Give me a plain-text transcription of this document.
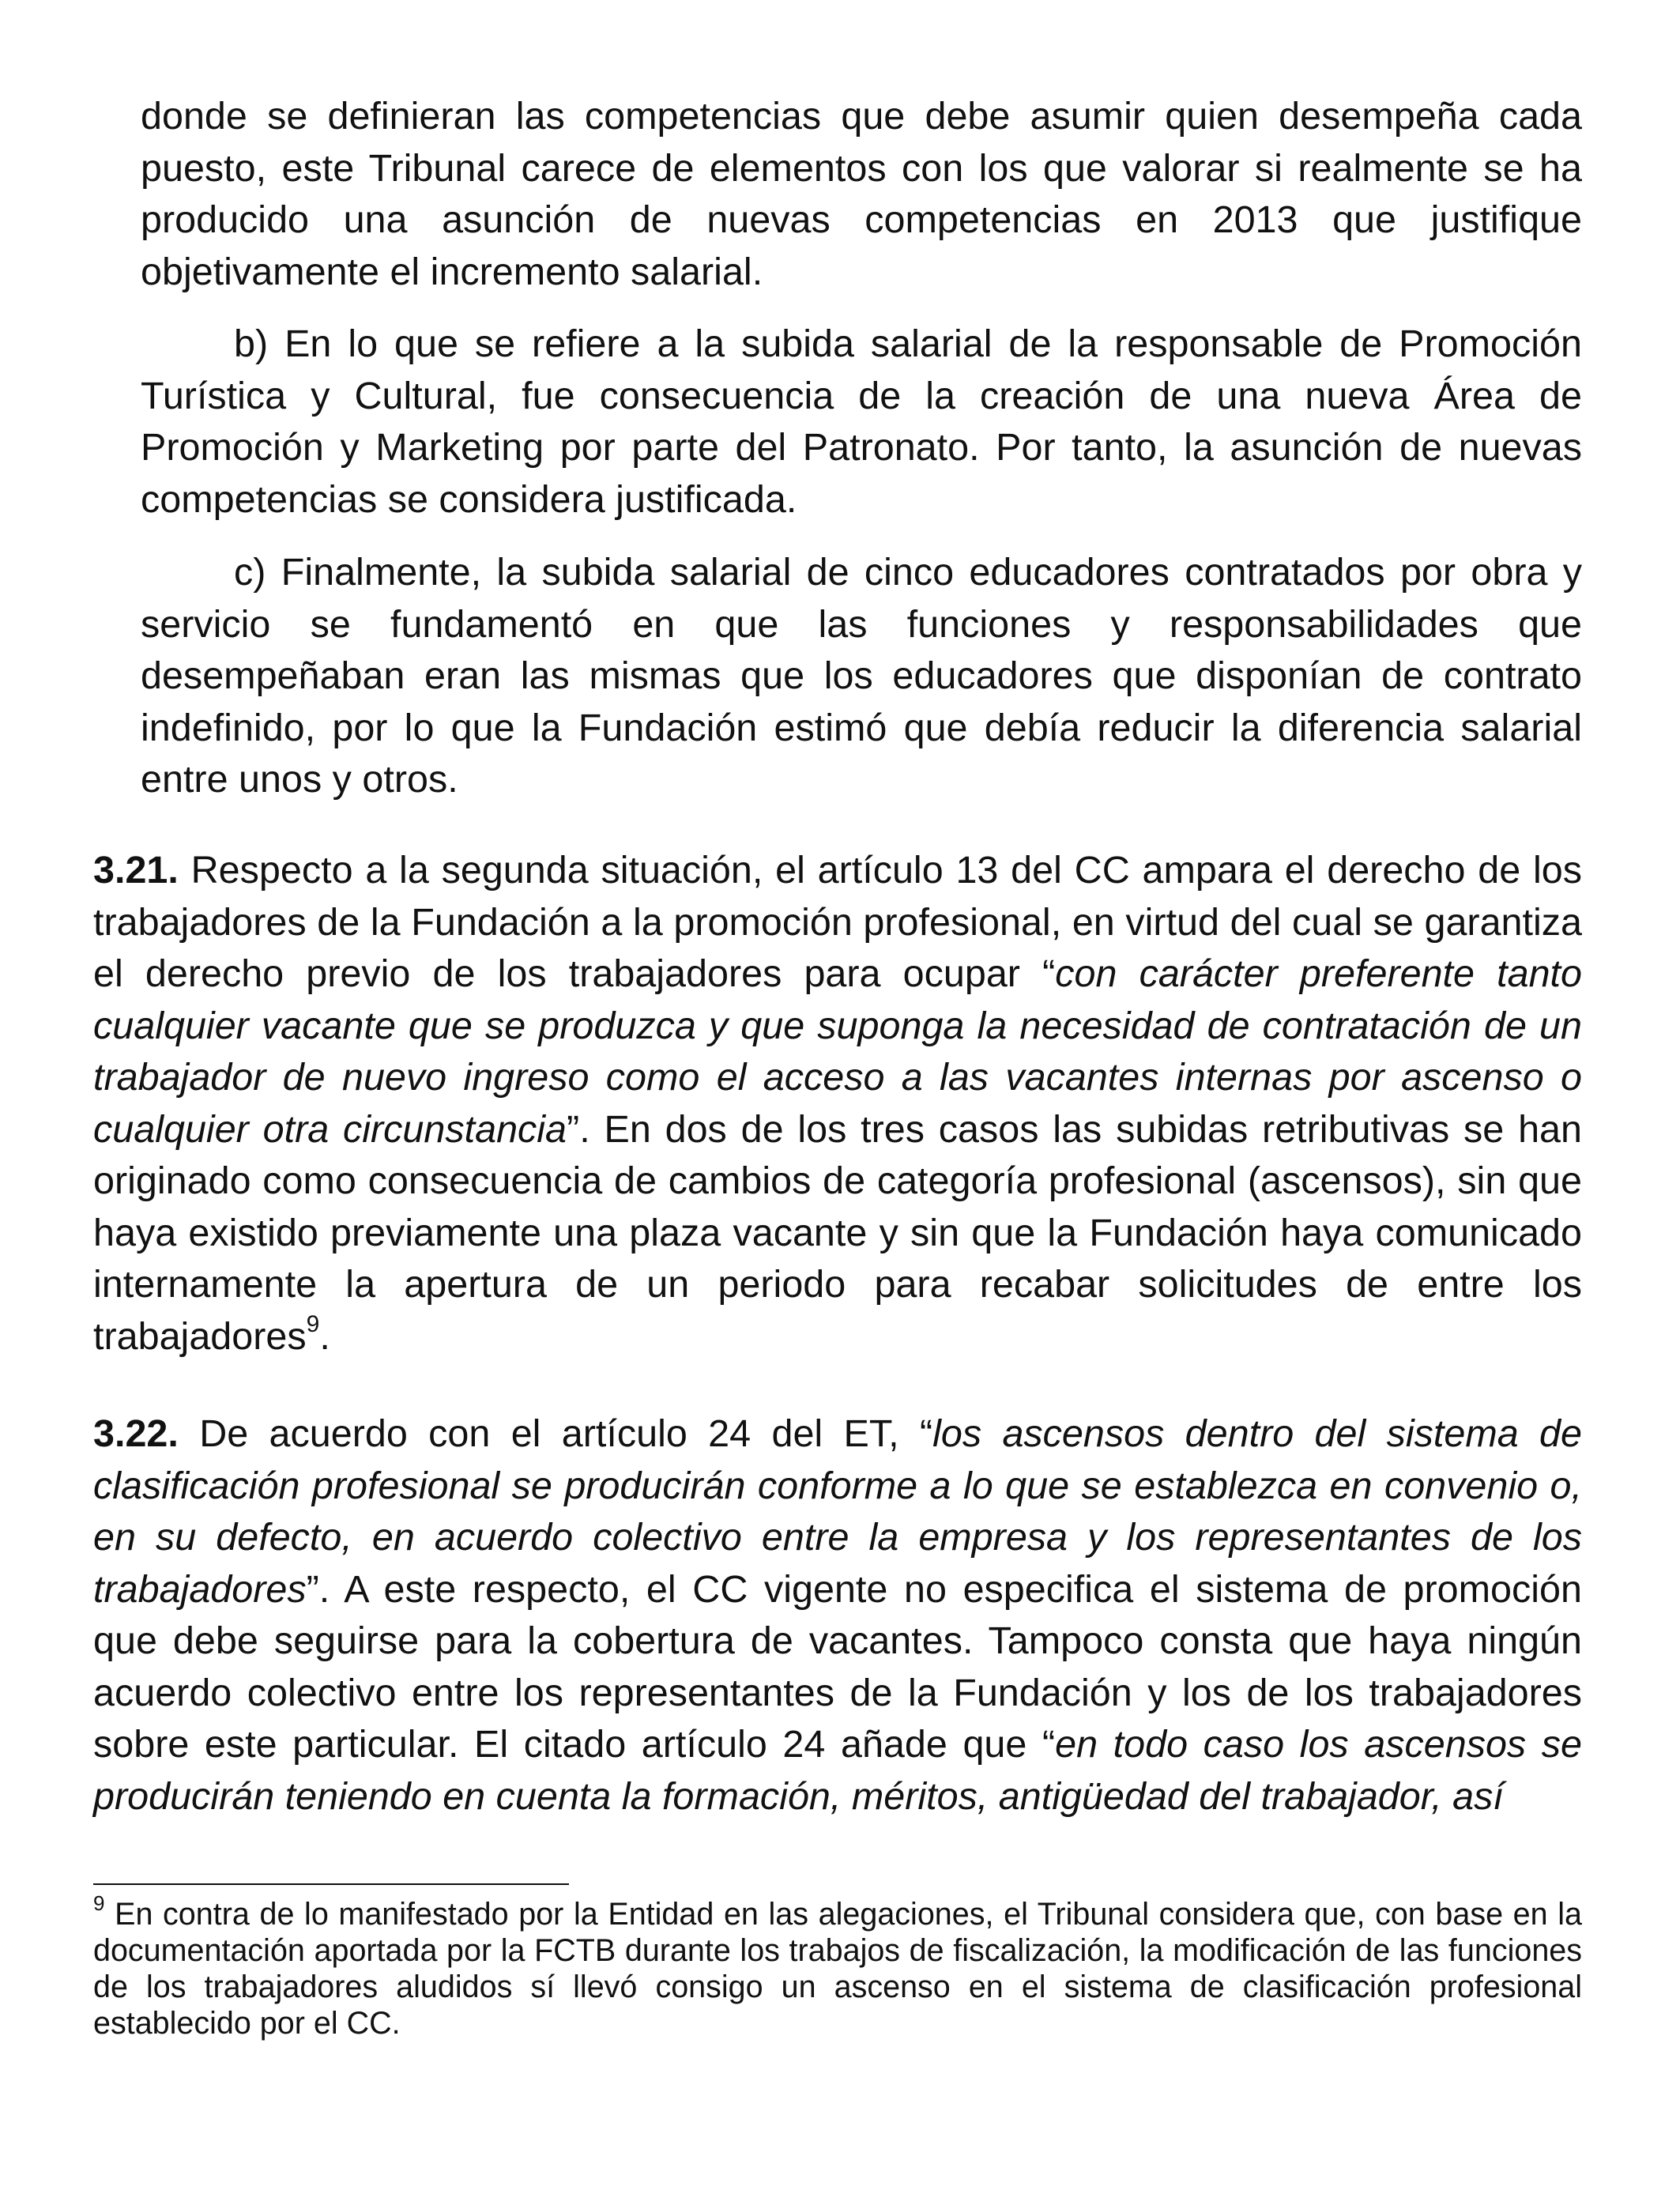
donde se definieran las competencias que debe asumir quien desempeña cada puesto, este Tribunal carece de elementos con los que valorar si realmente se ha producido una asunción de nuevas competencias en 2013 que justifique objetivamente el incremento salarial.

b) En lo que se refiere a la subida salarial de la responsable de Promoción Turística y Cultural, fue consecuencia de la creación de una nueva Área de Promoción y Marketing por parte del Patronato. Por tanto, la asunción de nuevas competencias se considera justificada.

c) Finalmente, la subida salarial de cinco educadores contratados por obra y servicio se fundamentó en que las funciones y responsabilidades que desempeñaban eran las mismas que los educadores que disponían de contrato indefinido, por lo que la Fundación estimó que debía reducir la diferencia salarial entre unos y otros.

3.21. Respecto a la segunda situación, el artículo 13 del CC ampara el derecho de los trabajadores de la Fundación a la promoción profesional, en virtud del cual se garantiza el derecho previo de los trabajadores para ocupar “con carácter preferente tanto cualquier vacante que se produzca y que suponga la necesidad de contratación de un trabajador de nuevo ingreso como el acceso a las vacantes internas por ascenso o cualquier otra circunstancia”. En dos de los tres casos las subidas retributivas se han originado como consecuencia de cambios de categoría profesional (ascensos), sin que haya existido previamente una plaza vacante y sin que la Fundación haya comunicado internamente la apertura de un periodo para recabar solicitudes de entre los trabajadores$^9$.

3.22. De acuerdo con el artículo 24 del ET, “los ascensos dentro del sistema de clasificación profesional se producirán conforme a lo que se establezca en convenio o, en su defecto, en acuerdo colectivo entre la empresa y los representantes de los trabajadores”. A este respecto, el CC vigente no especifica el sistema de promoción que debe seguirse para la cobertura de vacantes. Tampoco consta que haya ningún acuerdo colectivo entre los representantes de la Fundación y los de los trabajadores sobre este particular. El citado artículo 24 añade que “en todo caso los ascensos se producirán teniendo en cuenta la formación, méritos, antigüedad del trabajador, así

$^9$ En contra de lo manifestado por la Entidad en las alegaciones, el Tribunal considera que, con base en la documentación aportada por la FCTB durante los trabajos de fiscalización, la modificación de las funciones de los trabajadores aludidos sí llevó consigo un ascenso en el sistema de clasificación profesional establecido por el CC.
